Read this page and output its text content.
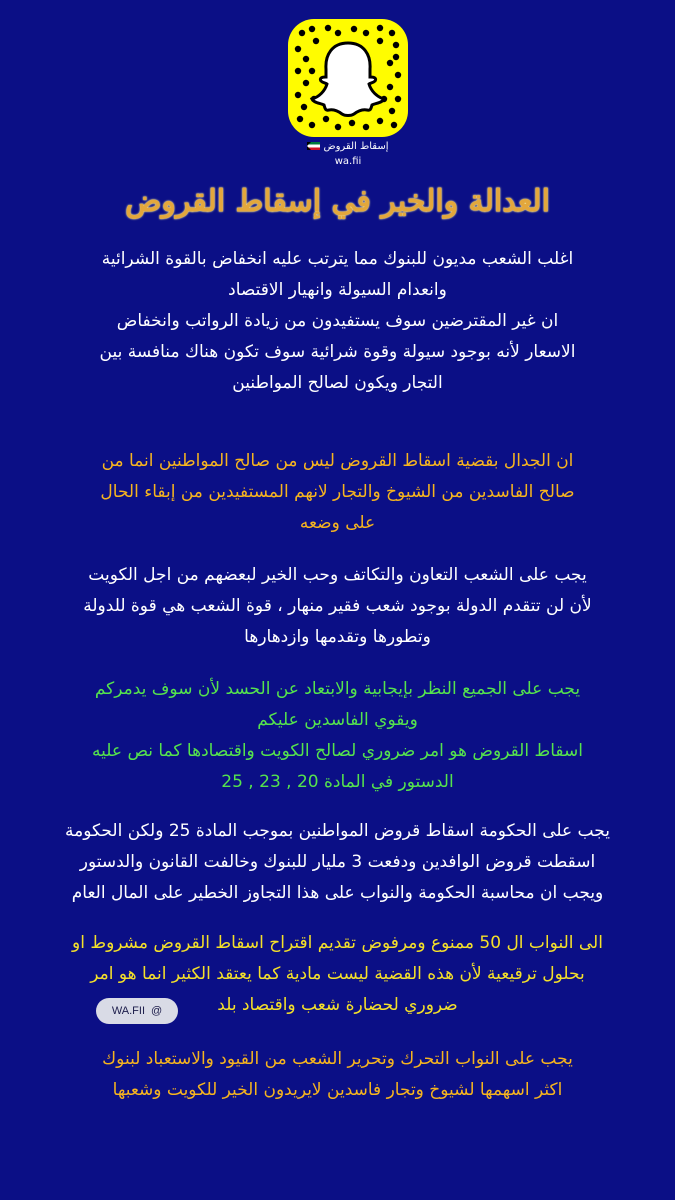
إسقاط القروض
wa.fii
العدالة والخير في إسقاط القروض
اغلب الشعب مديون للبنوك مما يترتب عليه انخفاض بالقوة الشرائية
وانعدام السيولة وانهيار الاقتصاد
ان غير المقترضين سوف يستفيدون من زيادة الرواتب وانخفاض
الاسعار لأنه بوجود سيولة وقوة شرائية سوف تكون هناك منافسة بين
التجار ويكون لصالح المواطنين
ان الجدال بقضية اسقاط القروض ليس من صالح المواطنين انما من
صالح الفاسدين من الشيوخ والتجار لانهم المستفيدين من إبقاء الحال
على وضعه
يجب على الشعب التعاون والتكاتف وحب الخير لبعضهم من اجل الكويت
لأن لن تتقدم الدولة بوجود شعب فقير منهار ، قوة الشعب هي قوة للدولة
وتطورها وتقدمها وازدهارها
يجب على الجميع النظر بإيجابية والابتعاد عن الحسد لأن سوف يدمركم
ويقوي الفاسدين عليكم
اسقاط القروض هو امر ضروري لصالح الكويت واقتصادها كما نص عليه
الدستور في المادة 20 , 23 , 25
يجب على الحكومة اسقاط قروض المواطنين بموجب المادة 25 ولكن الحكومة
اسقطت قروض الوافدين ودفعت 3 مليار للبنوك وخالفت القانون والدستور
ويجب ان محاسبة الحكومة والنواب على هذا التجاوز الخطير على المال العام
الى النواب ال 50 ممنوع ومرفوض تقديم اقتراح اسقاط القروض مشروط او
بحلول ترقيعية لأن هذه القضية ليست مادية كما يعتقد الكثير انما هو امر
ضروري لحضارة شعب واقتصاد بلد
WA.FII @
يجب على النواب التحرك وتحرير الشعب من القيود والاستعباد لبنوك
اكثر اسهمها لشيوخ وتجار فاسدين لايريدون الخير للكويت وشعبها
